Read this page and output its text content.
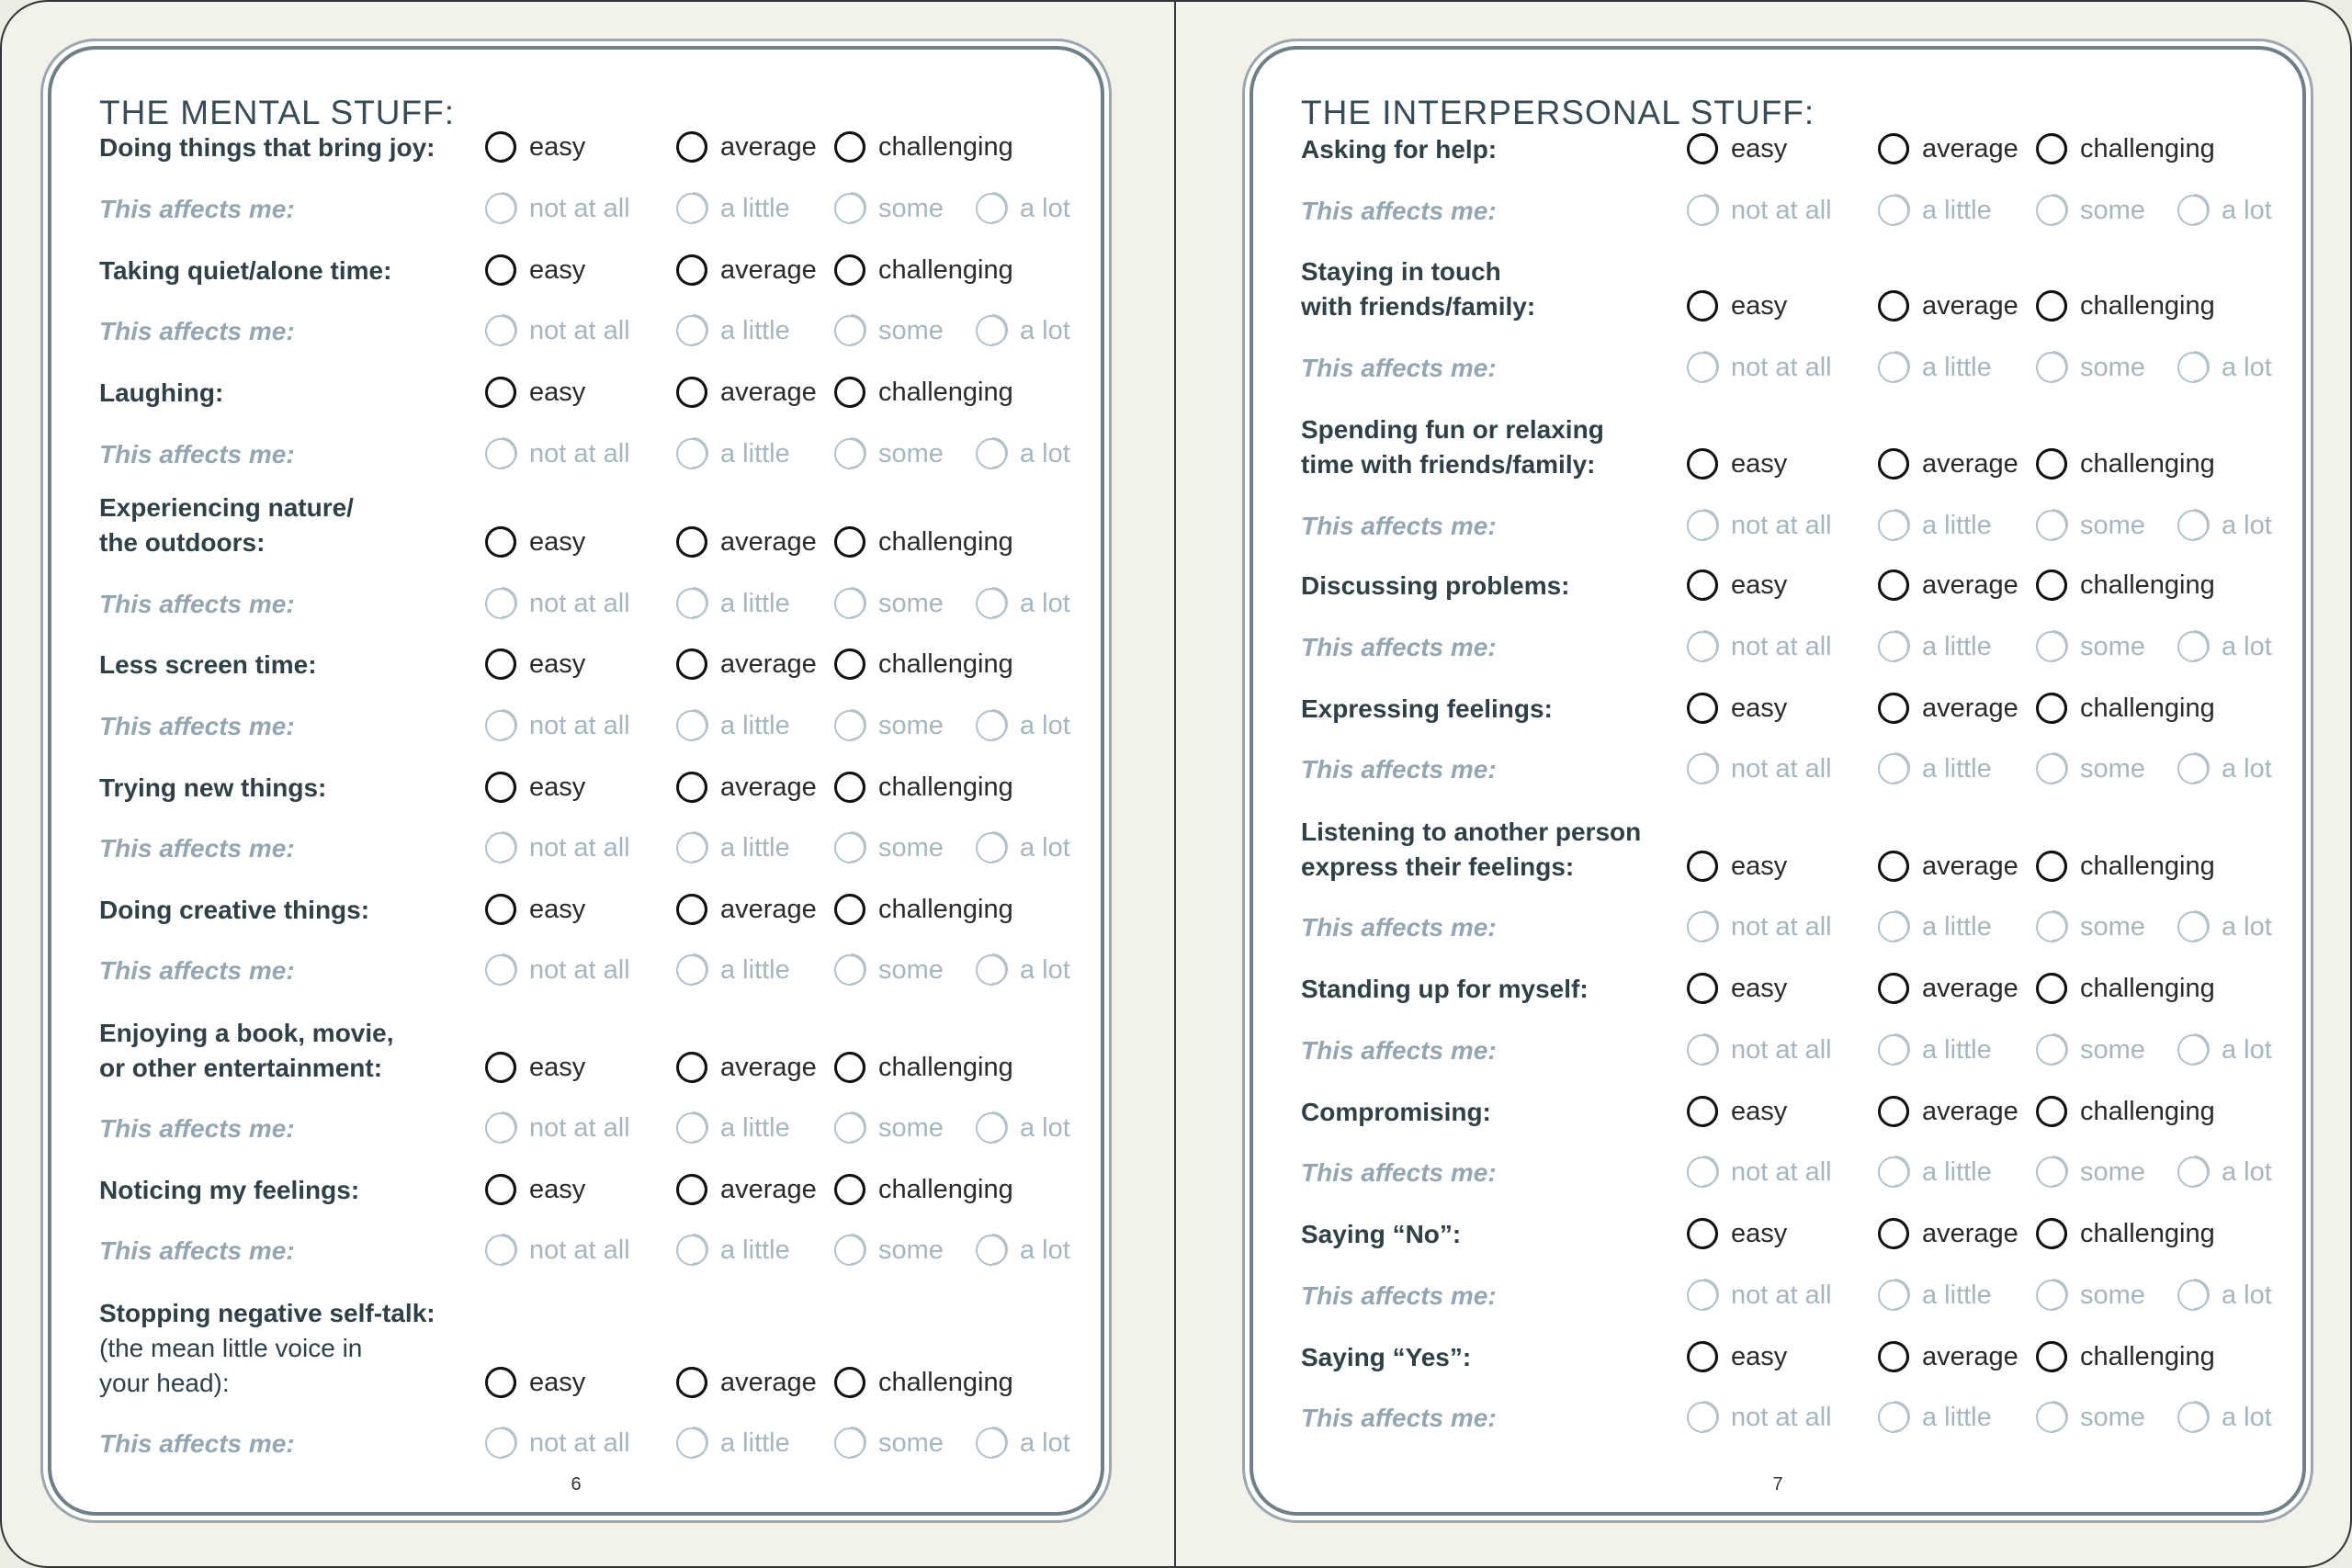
THE MENTAL STUFF:
6
Doing things that bring joy:	easy	average challenging
This affects me:	not at all	a little	some	a lot
Taking quiet/alone time:	easy	average challenging
This affects me:	not at all	a little	some	a lot
Laughing:	easy	average challenging
This affects me:	not at all	a little	some	a lot
Experiencing nature/
the outdoors:	easy	average challenging
This affects me:	not at all	a little	some	a lot
Less screen time:	easy	average challenging
This affects me:	not at all	a little	some	a lot
Trying new things:	easy	average challenging
This affects me:	not at all	a little	some	a lot
Doing creative things:	easy	average challenging
This affects me:	not at all	a little	some	a lot
Enjoying a book, movie,
or other entertainment:	easy	average challenging
This affects me:	not at all	a little	some	a lot
Noticing my feelings:	easy	average challenging
This affects me:	not at all	a little	some	a lot
Stopping negative self-talk:
(the mean little voice in
your head):	easy	average challenging
This affects me:	not at all	a little	some	a lot
THE INTERPERSONAL STUFF:
7
Asking for help:	easy	average challenging
This affects me:	not at all	a little	some	a lot
Staying in touch
with friends/family:	easy	average challenging
This affects me:	not at all	a little	some	a lot
Spending fun or relaxing
time with friends/family:	easy	average challenging
This affects me:	not at all	a little	some	a lot
Discussing problems:	easy	average challenging
This affects me:	not at all	a little	some	a lot
Expressing feelings:	easy	average challenging
This affects me:	not at all	a little	some	a lot
Listening to another person
express their feelings:	easy	average challenging
This affects me:	not at all	a little	some	a lot
Standing up for myself:	easy	average challenging
This affects me:	not at all	a little	some	a lot
Compromising:	easy	average challenging
This affects me:	not at all	a little	some	a lot
Saying “No”:	easy	average challenging
This affects me:	not at all	a little	some	a lot
Saying “Yes”:	easy	average challenging
This affects me:	not at all	a little	some	a lot
